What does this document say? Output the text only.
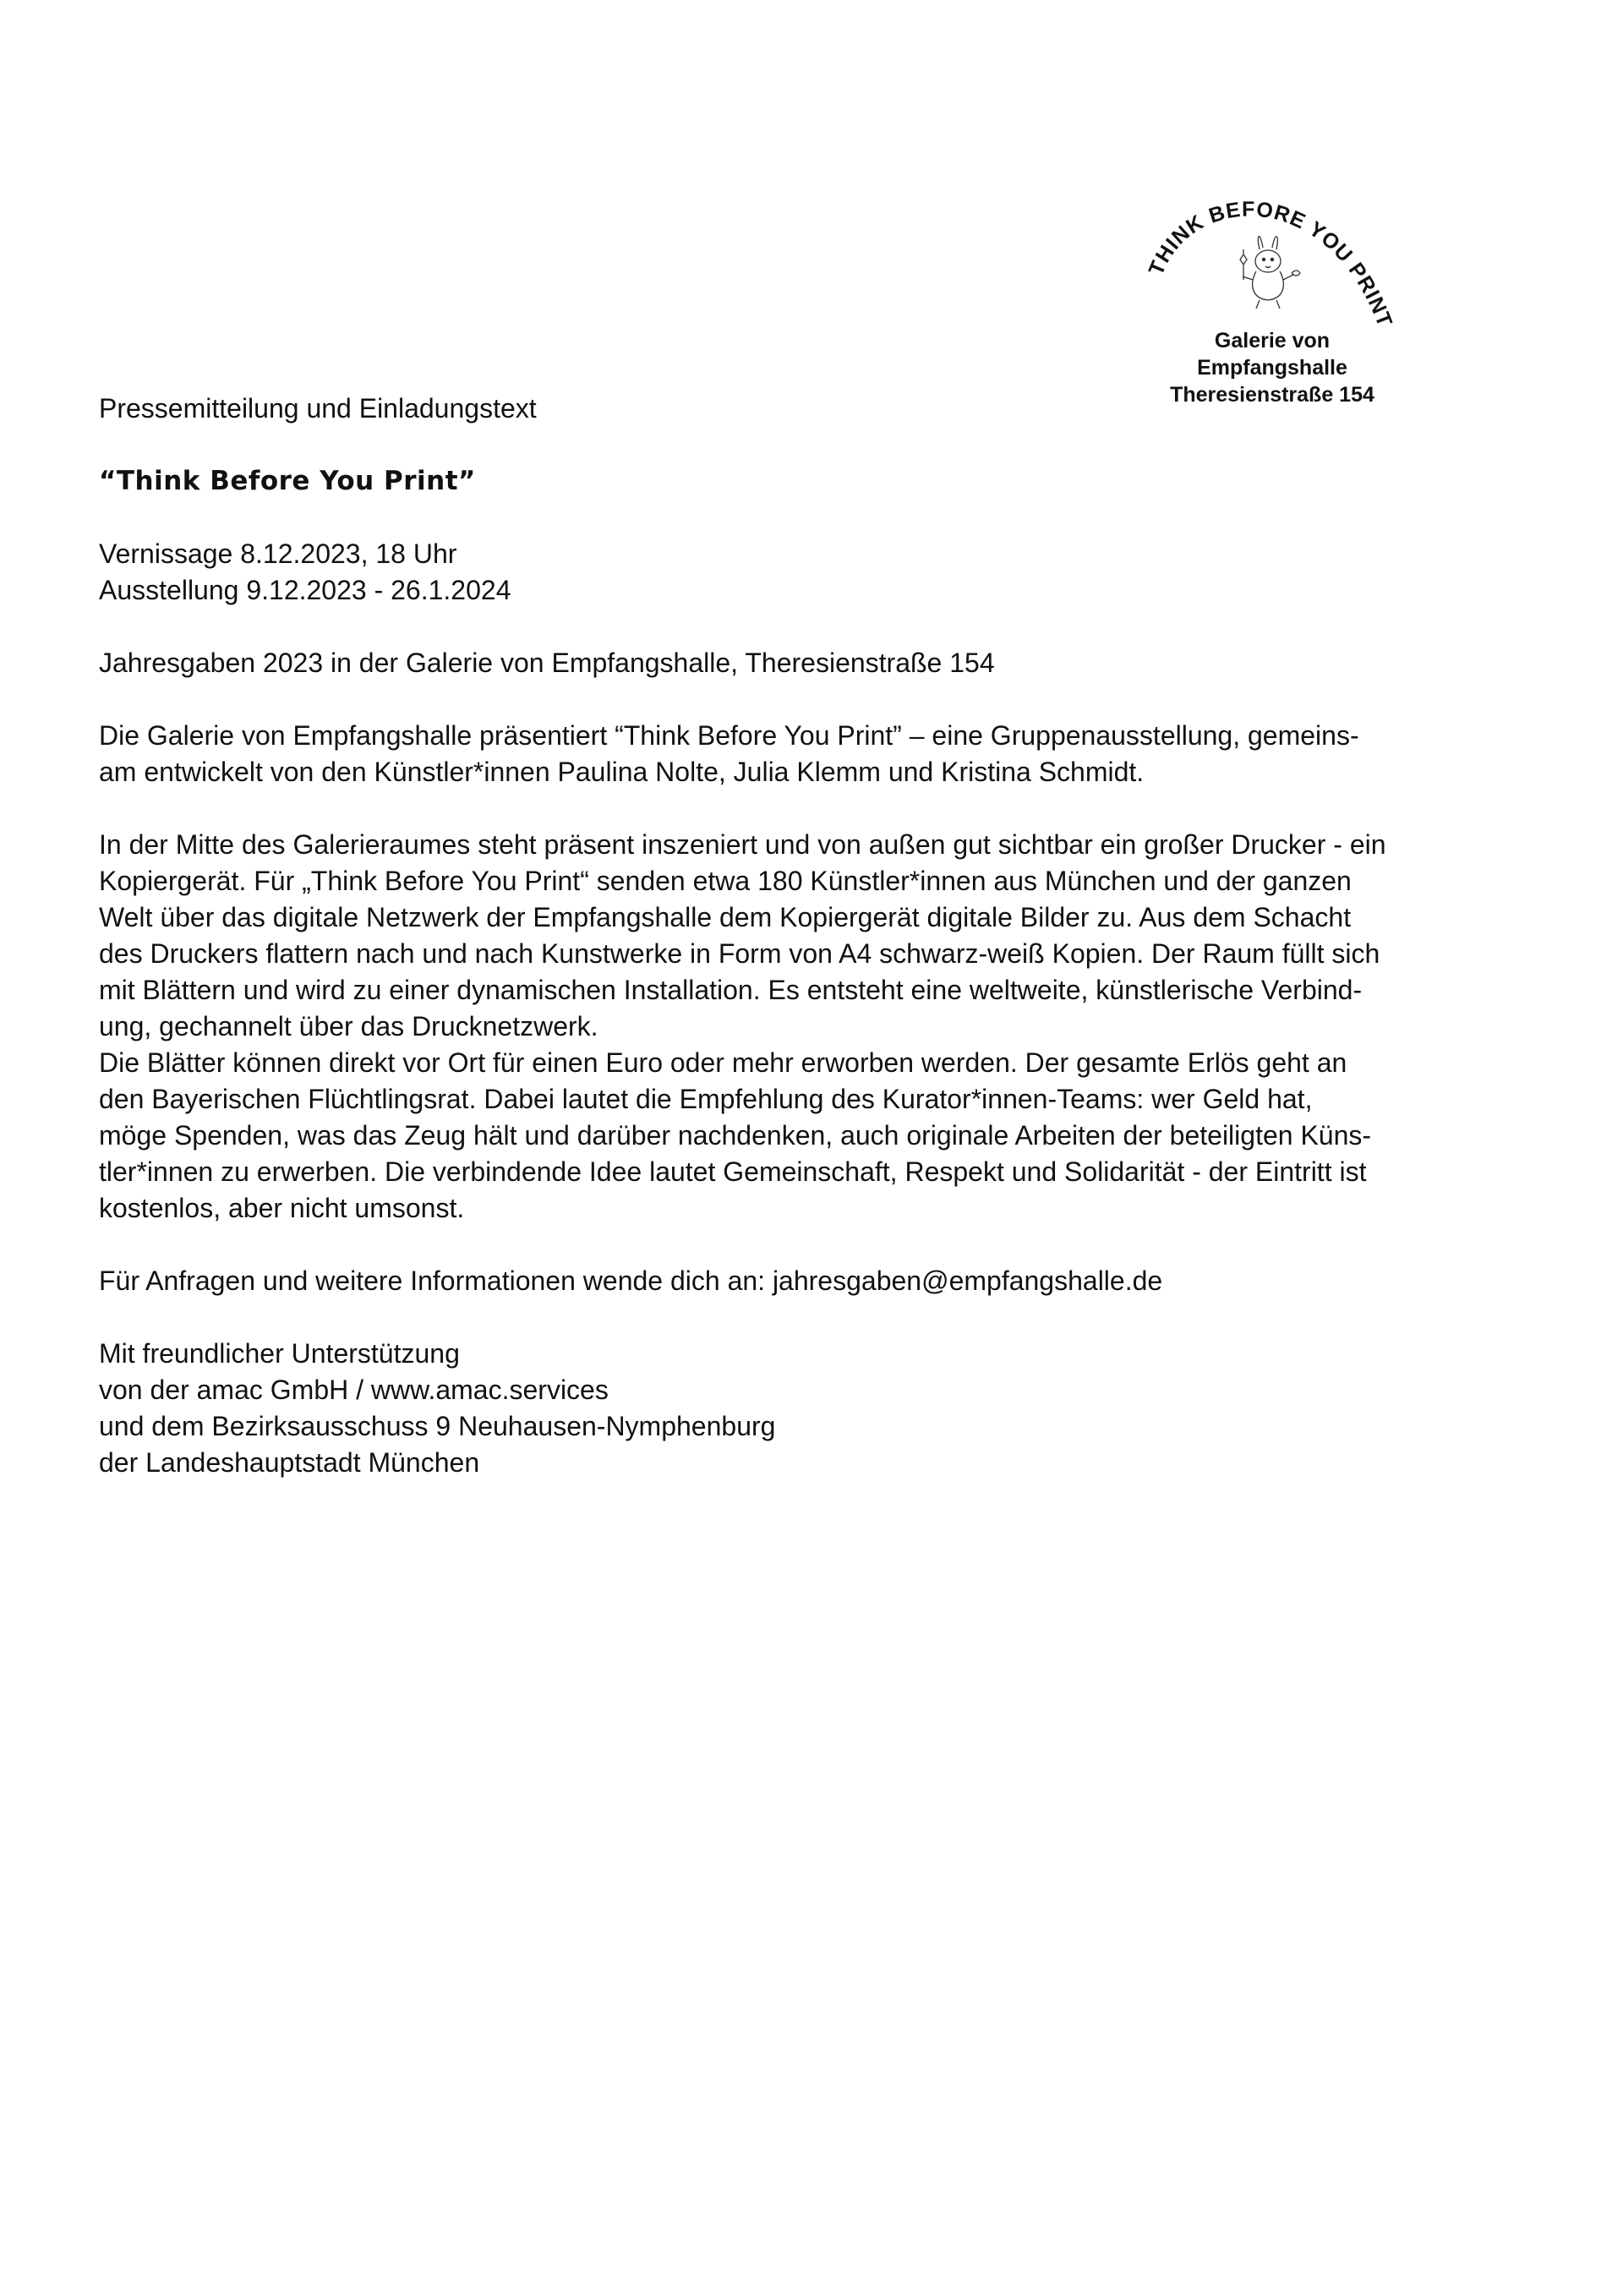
THINK BEFORE YOU PRINT
Galerie von
Empfangshalle
Theresienstraße 154

Pressemitteilung und Einladungstext

“Think Before You Print”

Vernissage 8.12.2023, 18 Uhr
Ausstellung 9.12.2023 - 26.1.2024

Jahresgaben 2023 in der Galerie von Empfangshalle, Theresienstraße 154

Die Galerie von Empfangshalle präsentiert “Think Before You Print” – eine Gruppenausstellung, gemeins-
am entwickelt von den Künstler*innen Paulina Nolte, Julia Klemm und Kristina Schmidt.
In der Mitte des Galerieraumes steht präsent inszeniert und von außen gut sichtbar ein großer Drucker - ein
Kopiergerät. Für „Think Before You Print“ senden etwa 180 Künstler*innen aus München und der ganzen
Welt über das digitale Netzwerk der Empfangshalle dem Kopiergerät digitale Bilder zu. Aus dem Schacht
des Druckers flattern nach und nach Kunstwerke in Form von A4 schwarz-weiß Kopien. Der Raum füllt sich
mit Blättern und wird zu einer dynamischen Installation. Es entsteht eine weltweite, künstlerische Verbind-
ung, gechannelt über das Drucknetzwerk.
Die Blätter können direkt vor Ort für einen Euro oder mehr erworben werden. Der gesamte Erlös geht an
den Bayerischen Flüchtlingsrat. Dabei lautet die Empfehlung des Kurator*innen-Teams: wer Geld hat,
möge Spenden, was das Zeug hält und darüber nachdenken, auch originale Arbeiten der beteiligten Küns-
tler*innen zu erwerben. Die verbindende Idee lautet Gemeinschaft, Respekt und Solidarität - der Eintritt ist
kostenlos, aber nicht umsonst.

Für Anfragen und weitere Informationen wende dich an: jahresgaben@empfangshalle.de

Mit freundlicher Unterstützung
von der amac GmbH / www.amac.services
und dem Bezirksausschuss 9 Neuhausen-Nymphenburg
der Landeshauptstadt München
